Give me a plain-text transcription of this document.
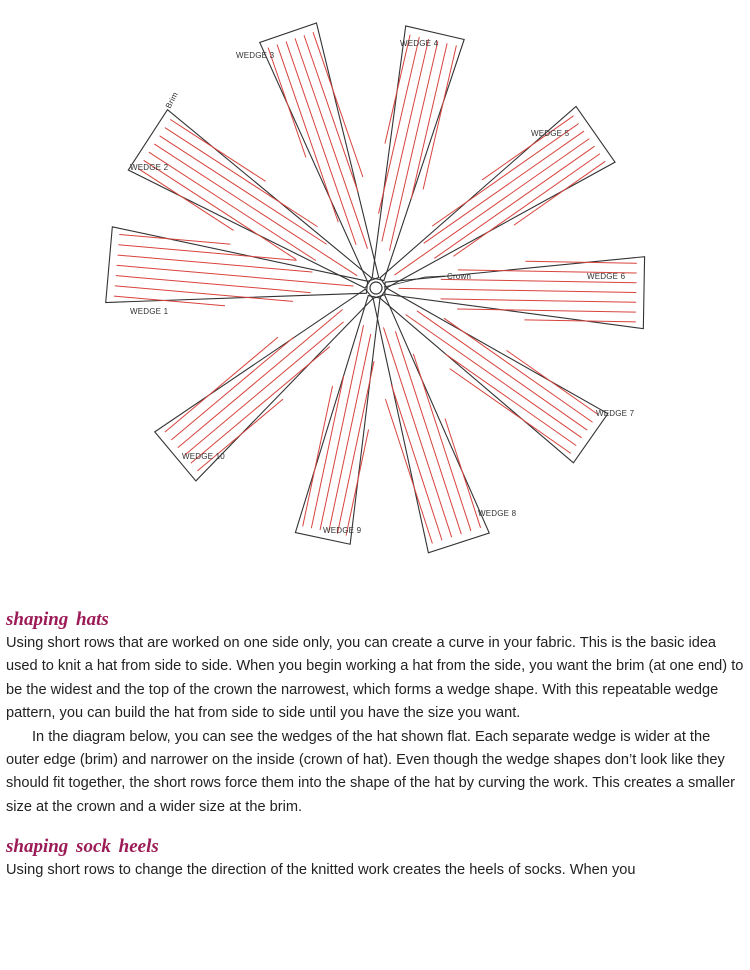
WEDGE 1
WEDGE 2
WEDGE 3
WEDGE 4
WEDGE 5
WEDGE 6
WEDGE 7
WEDGE 8
WEDGE 9
WEDGE 10
Brim
Crown
shaping hats

Using short rows that are worked on one side only, you can create a curve in your fabric. This is the basic idea used to knit a hat from side to side. When you begin working a hat from the side, you want the brim (at one end) to be the widest and the top of the crown the narrowest, which forms a wedge shape. With this repeatable wedge pattern, you can build the hat from side to side until you have the size you want.

In the diagram below, you can see the wedges of the hat shown flat. Each separate wedge is wider at the outer edge (brim) and narrower on the inside (crown of hat). Even though the wedge shapes don’t look like they should fit together, the short rows force them into the shape of the hat by curving the work. This creates a smaller size at the crown and a wider size at the brim.

shaping sock heels

Using short rows to change the direction of the knitted work creates the heels of socks. When you
